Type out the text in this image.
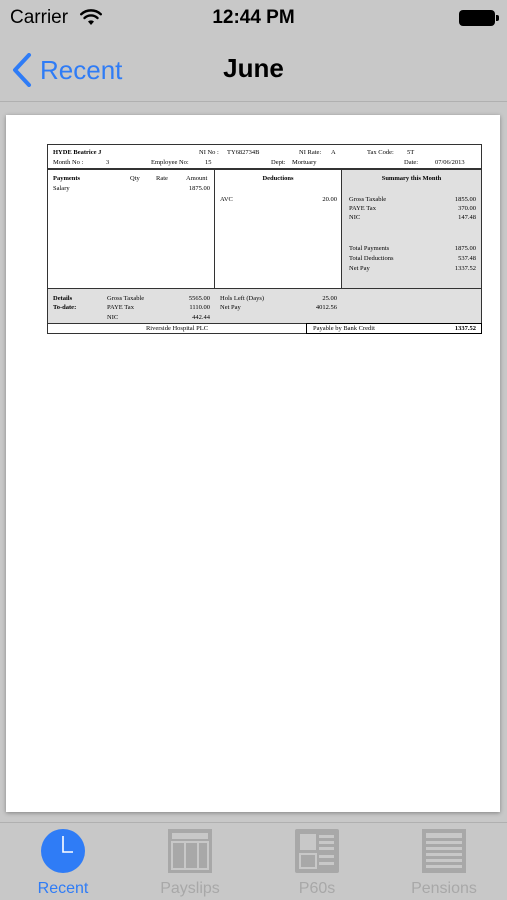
Carrier	12:44 PM
Recent	June
HYDE Beatrice J	NI No : TY682734B	NI Rate: A	Tax Code: 5T
Month No :	3	Employee No:	15	Dept: Mortuary	Date:	07/06/2013
Payments	Qty	Rate	Amount
Salary	1875.00
Deductions
AVC	20.00
Summary this Month
Gross Taxable	1855.00
PAYE Tax	370.00
NIC	147.48
Total Payments	1875.00
Total Deductions	537.48
Net Pay	1337.52
Details
To-date:
Gross Taxable	5565.00
PAYE Tax	1110.00
NIC	442.44
Hols Left (Days)	25.00
Net Pay	4012.56
Riverside Hospital PLC	Payable by Bank Credit	1337.52
Recent	Payslips	P60s	Pensions
